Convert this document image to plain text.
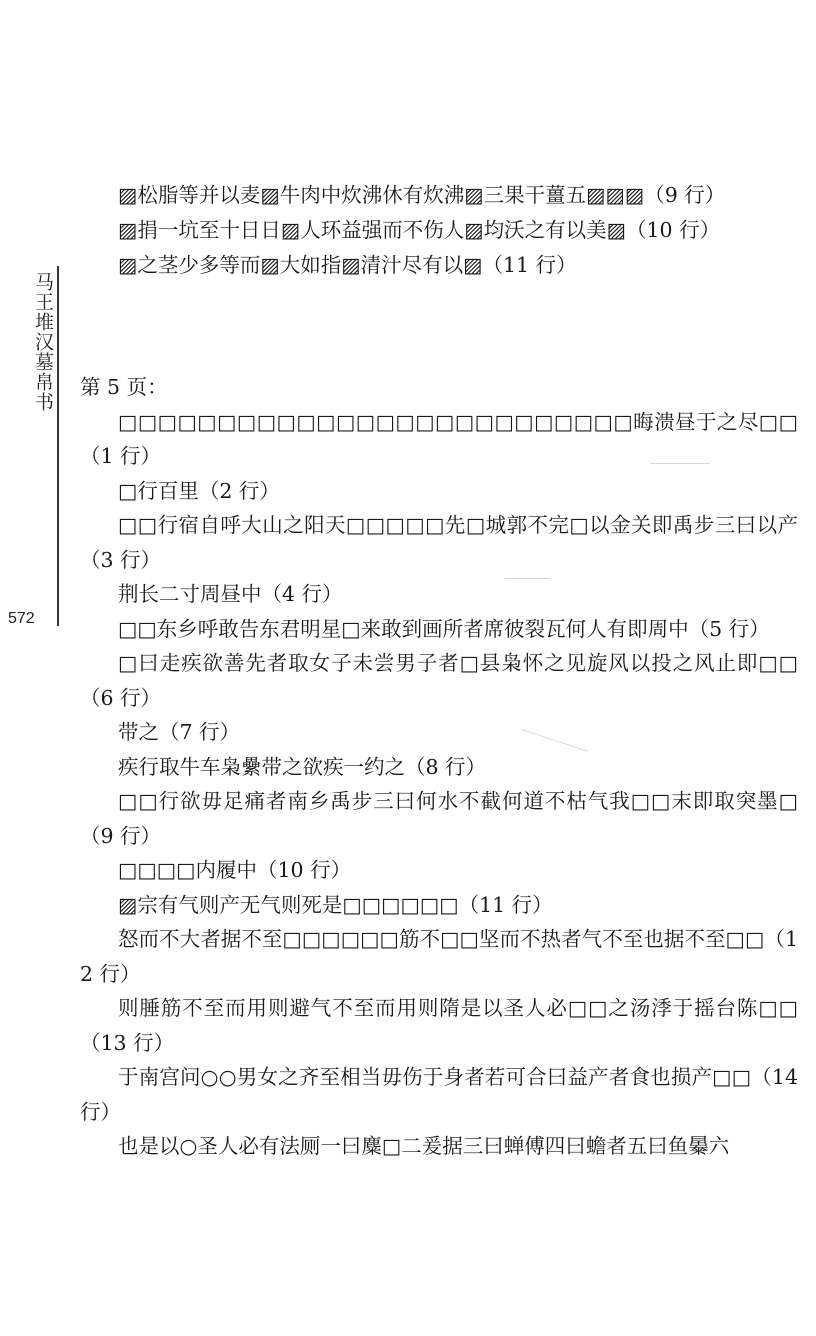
马王堆汉墓帛书
572
▨松脂等并以麦▨牛肉中炊沸休有炊沸▨三果干薑五▨▨▨（9 行）
▨捐一坑至十日日▨人环益强而不伤人▨均沃之有以美▨（10 行）
▨之茎少多等而▨大如指▨清汁尽有以▨（11 行）
第 5 页：
□□□□□□□□□□□□□□□□□□□□□□□□□□晦溃昼于之尽□□（1 行）
□行百里（2 行）
□□行宿自呼大山之阳天□□□□□先□城郭不完□以金关即禹步三曰以产（3 行）
荆长二寸周昼中（4 行）
□□东乡呼敢告东君明星□来敢到画所者席彼裂瓦何人有即周中（5 行）
□曰走疾欲善先者取女子未尝男子者□县枭怀之见旋风以投之风止即□□（6 行）
带之（7 行）
疾行取牛车枭纍带之欲疾一约之（8 行）
□□行欲毋足痛者南乡禹步三曰何水不截何道不枯气我□□末即取突墨□（9 行）
□□□□内履中（10 行）
▨宗有气则产无气则死是□□□□□□（11 行）
怒而不大者据不至□□□□□□筋不□□坚而不热者气不至也据不至□□（12 行）
则腄筋不至而用则避气不至而用则隋是以圣人必□□之汤㳵于摇台陈□□（13 行）
于南宫问○○男女之齐至相当毋伤于身者若可合曰益产者食也损产□□（14 行）
也是以○圣人必有法厕一曰麋□二爰据三曰蝉傅四曰蟾者五曰鱼㬥六
